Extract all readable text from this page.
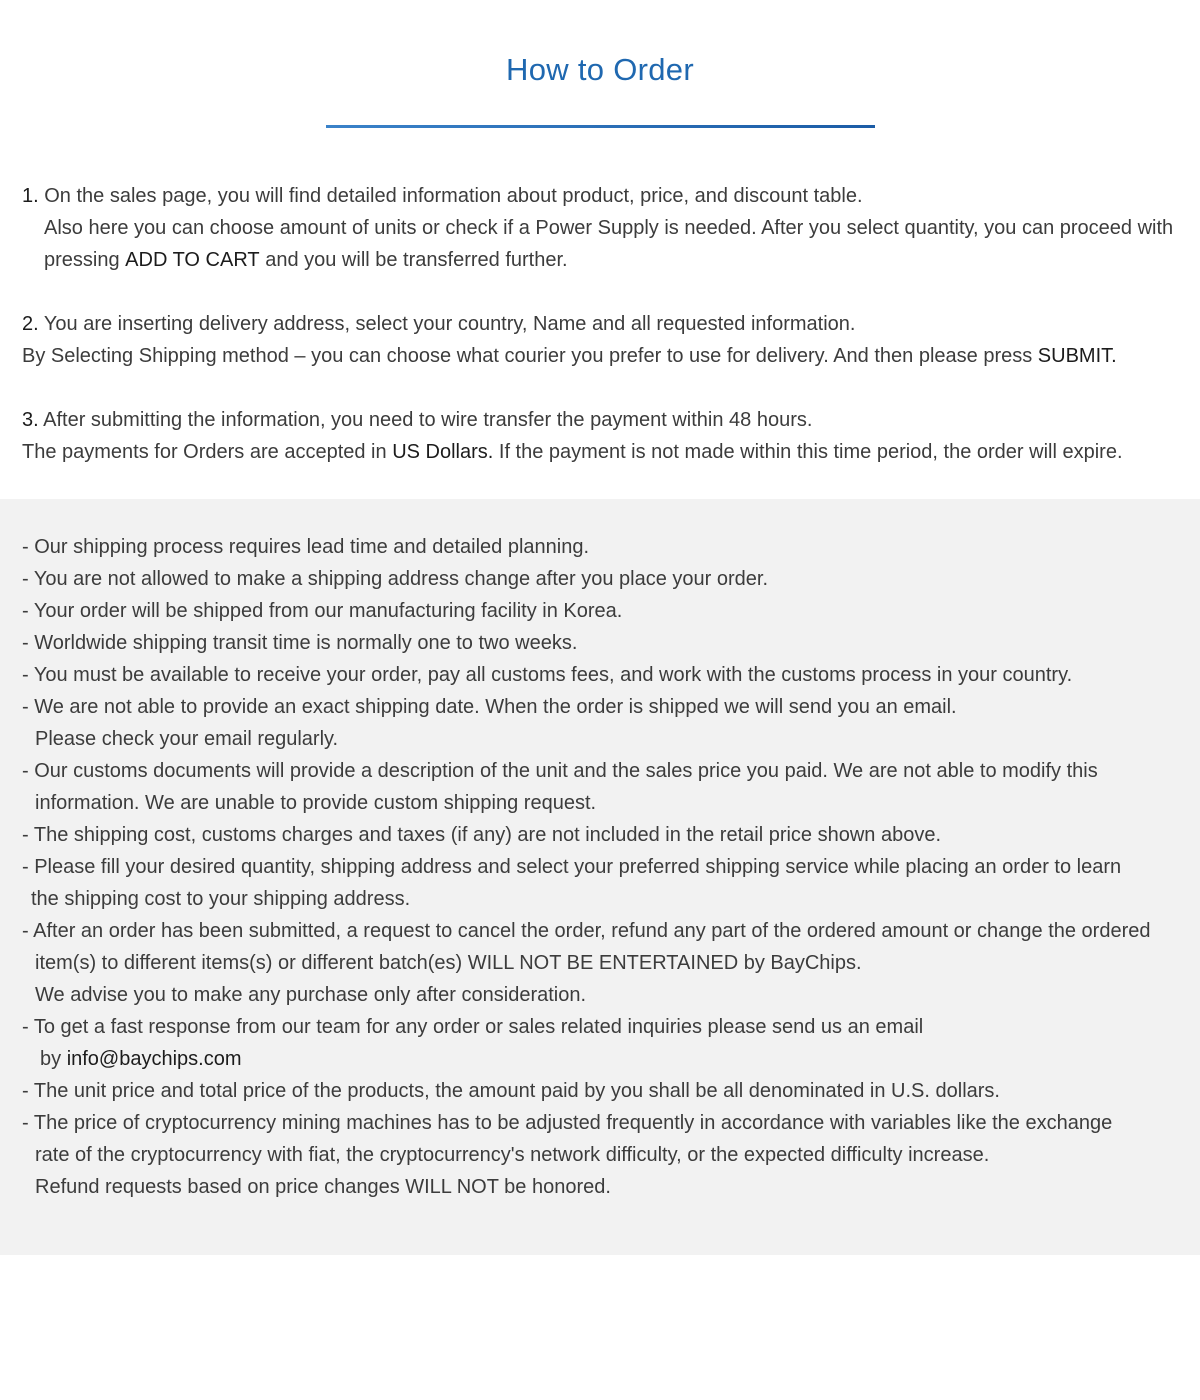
How to Order
1. On the sales page, you will find detailed information about product, price, and discount table.
Also here you can choose amount of units or check if a Power Supply is needed. After you select quantity, you can proceed with
pressing ADD TO CART and you will be transferred further.
2. You are inserting delivery address, select your country, Name and all requested information.
By Selecting Shipping method – you can choose what courier you prefer to use for delivery. And then please press SUBMIT.
3. After submitting the information, you need to wire transfer the payment within 48 hours.
The payments for Orders are accepted in US Dollars. If the payment is not made within this time period, the order will expire.
- Our shipping process requires lead time and detailed planning.
- You are not allowed to make a shipping address change after you place your order.
- Your order will be shipped from our manufacturing facility in Korea.
- Worldwide shipping transit time is normally one to two weeks.
- You must be available to receive your order, pay all customs fees, and work with the customs process in your country.
- We are not able to provide an exact shipping date. When the order is shipped we will send you an email.
Please check your email regularly.
- Our customs documents will provide a description of the unit and the sales price you paid. We are not able to modify this
information. We are unable to provide custom shipping request.
- The shipping cost, customs charges and taxes (if any) are not included in the retail price shown above.
- Please fill your desired quantity, shipping address and select your preferred shipping service while placing an order to learn
the shipping cost to your shipping address.
- After an order has been submitted, a request to cancel the order, refund any part of the ordered amount or change the ordered
item(s) to different items(s) or different batch(es) WILL NOT BE ENTERTAINED by BayChips.
We advise you to make any purchase only after consideration.
- To get a fast response from our team for any order or sales related inquiries please send us an email
by info@baychips.com
- The unit price and total price of the products, the amount paid by you shall be all denominated in U.S. dollars.
- The price of cryptocurrency mining machines has to be adjusted frequently in accordance with variables like the exchange
rate of the cryptocurrency with fiat, the cryptocurrency's network difficulty, or the expected difficulty increase.
Refund requests based on price changes WILL NOT be honored.
